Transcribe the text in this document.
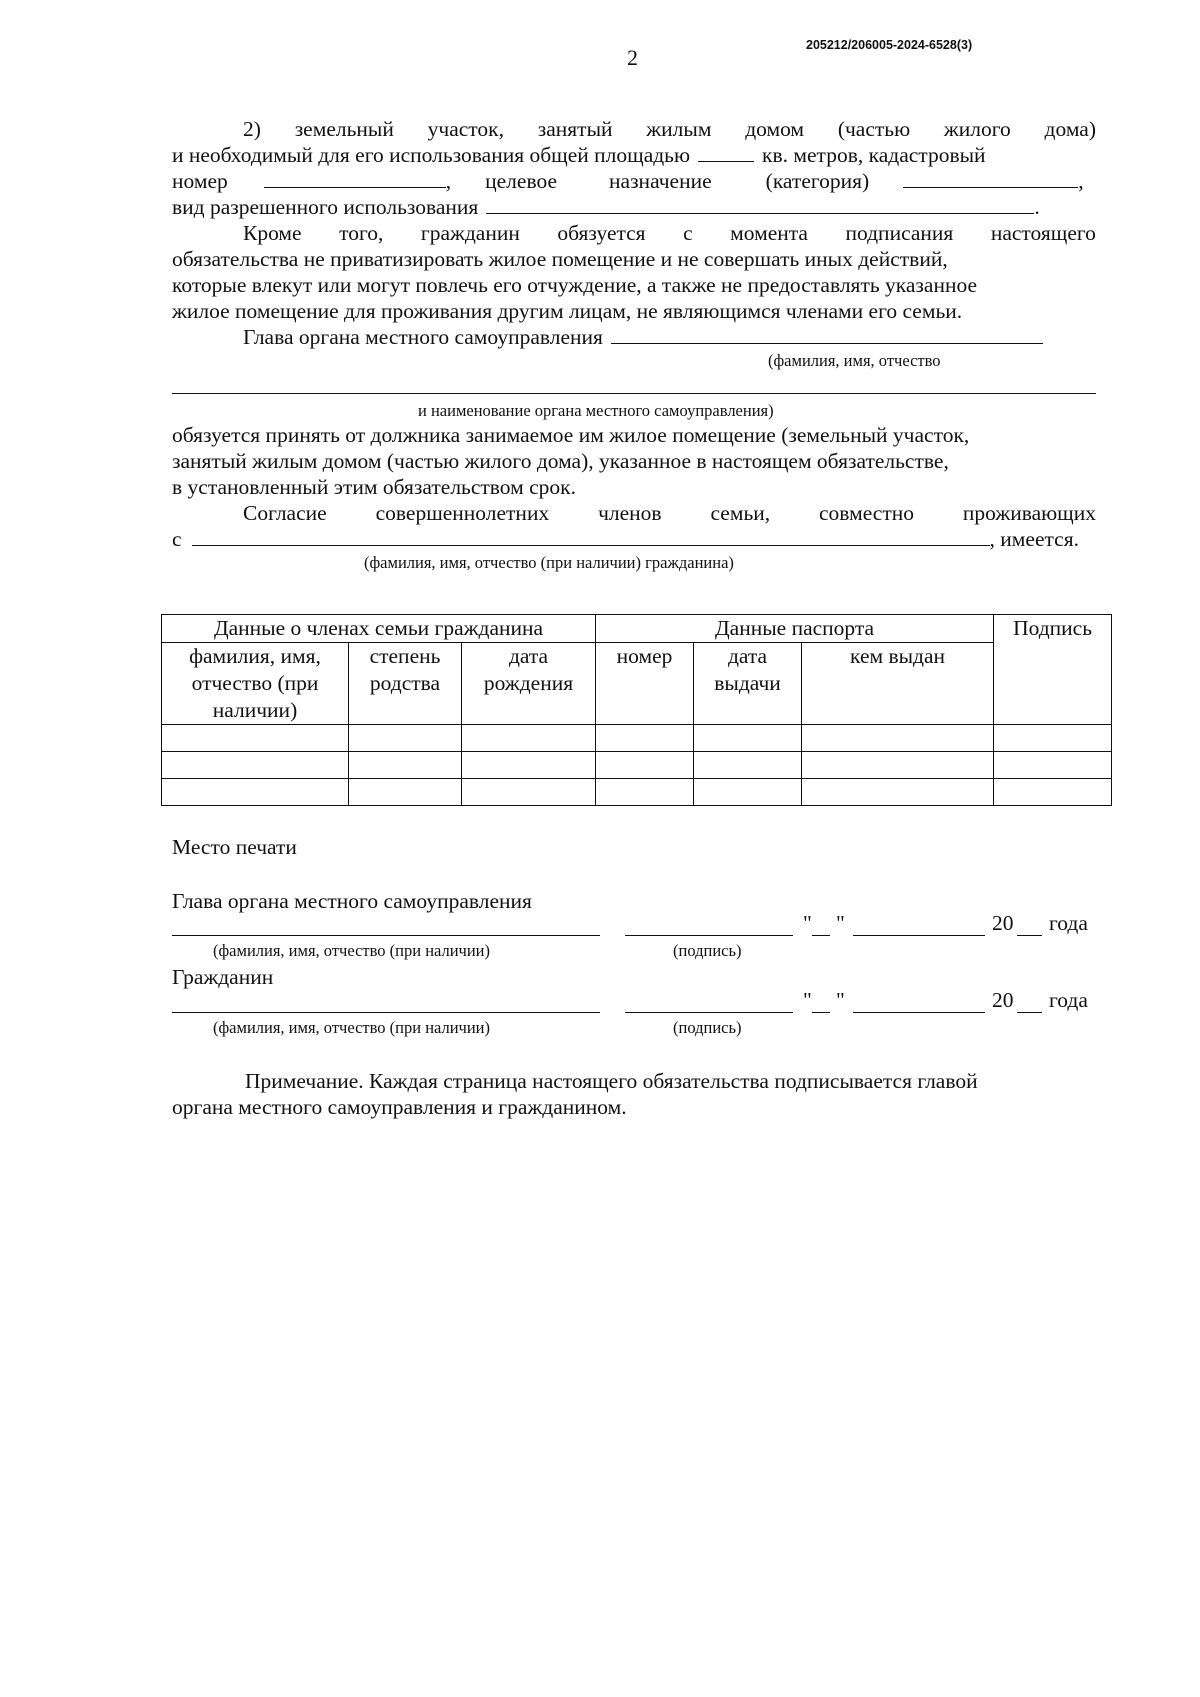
205212/206005-2024-6528(3)
2
2) земельный участок, занятый жилым домом (частью жилого дома)
и необходимый для его использования общей площадью	кв. метров, кадастровый
номер	, целевое назначение	(категория)	,
вид разрешенного использования	.
Кроме того, гражданин обязуется с момента подписания настоящего
обязательства не приватизировать жилое помещение и не совершать иных действий,
которые влекут или могут повлечь его отчуждение, а также не предоставлять указанное
жилое помещение для проживания другим лицам, не являющимся членами его семьи.
Глава органа местного самоуправления
(фамилия, имя, отчество
и наименование органа местного самоуправления)
обязуется принять от должника занимаемое им жилое помещение (земельный участок,
занятый жилым домом (частью жилого дома), указанное в настоящем обязательстве,
в установленный этим обязательством срок.
Согласие совершеннолетних членов семьи, совместно проживающих
с	, имеется.
(фамилия, имя, отчество (при наличии) гражданина)
Данные о членах семьи гражданина			Данные паспорта			Подпись
фамилия, имя, отчество (при наличии)	степень родства	дата рождения	номер	дата выдачи	кем выдан	

Место печати
Глава органа местного самоуправления
" "	20 года
(фамилия, имя, отчество (при наличии)	(подпись)
Гражданин
" "	20 года
(фамилия, имя, отчество (при наличии)	(подпись)
Примечание. Каждая страница настоящего обязательства подписывается главой
органа местного самоуправления и гражданином.
